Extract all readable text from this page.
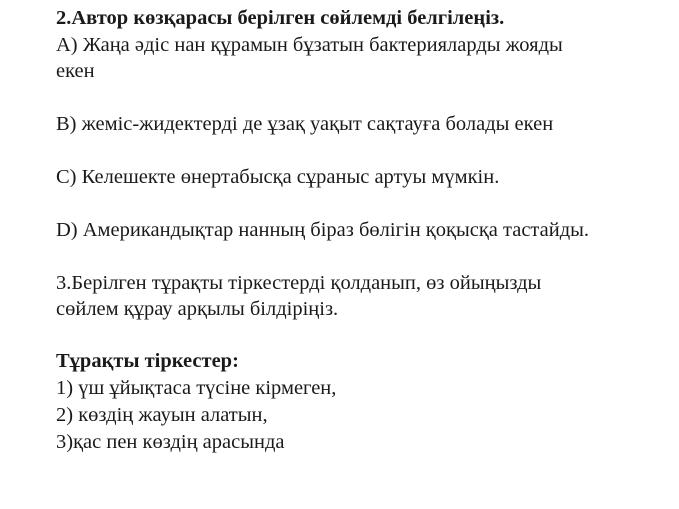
2.Автор көзқарасы берілген сөйлемді белгілеңіз.
A) Жаңа әдіс нан құрамын бұзатын бактерияларды жояды
екен
B) жеміс-жидектерді де ұзақ уақыт сақтауға болады екен
C) Келешекте өнертабысқа сұраныс артуы мүмкін.
D) Американдықтар нанның біраз бөлігін қоқысқа тастайды.
3.Берілген тұрақты тіркестерді қолданып, өз ойыңызды
сөйлем құрау арқылы білдіріңіз.
Тұрақты тіркестер:
1) үш ұйықтаса түсіне кірмеген,
2) көздің жауын алатын,
3)қас пен көздің арасында
